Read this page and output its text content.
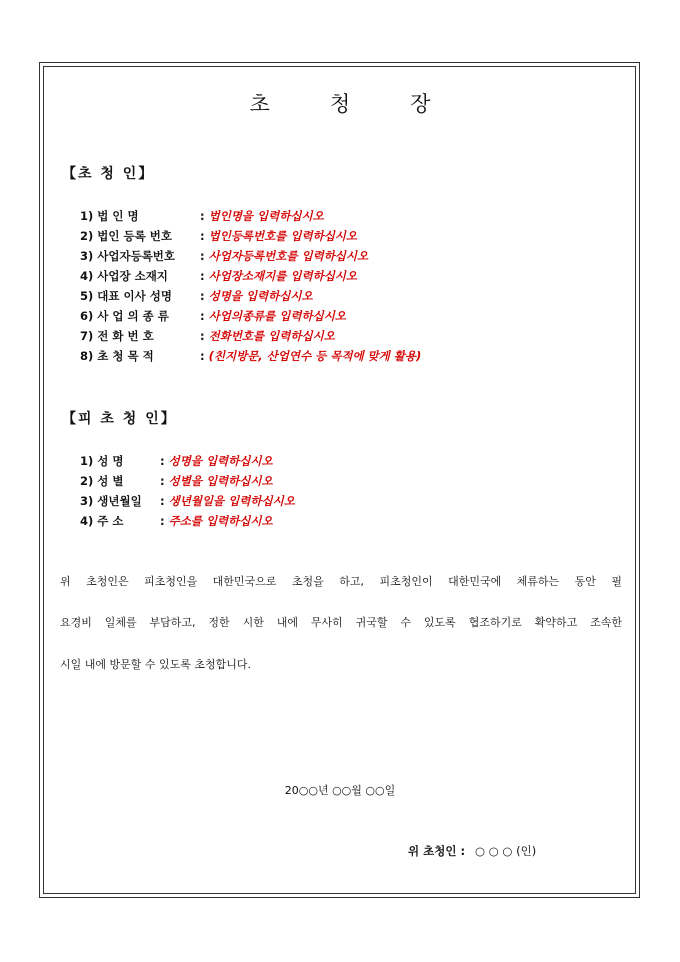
초	청	장
【초 청 인】
1) 법 인 명	: 법인명을 입력하십시오
2) 법인 등록 번호	: 법인등록번호를 입력하십시오
3) 사업자등록번호	: 사업자등록번호를 입력하십시오
4) 사업장 소재지	: 사업장소재지를 입력하십시오
5) 대표 이사 성명	: 성명을 입력하십시오
6) 사 업 의 종 류	: 사업의종류를 입력하십시오
7) 전 화 번 호	: 전화번호를 입력하십시오
8) 초 청 목 적	: (친지방문, 산업연수 등 목적에 맞게 활용)
【피 초 청 인】
1) 성 명	: 성명을 입력하십시오
2) 성 별	: 성별을 입력하십시오
3) 생년월일	: 생년월일을 입력하십시오
4) 주 소	: 주소를 입력하십시오
위 초청인은 피초청인을 대한민국으로 초청을 하고, 피초청인이 대한민국에 체류하는 동안 필
요경비 일체를 부담하고, 정한 시한 내에 무사히 귀국할 수 있도록 협조하기로 확약하고 조속한
시일 내에 방문할 수 있도록 초청합니다.
20○○년 ○○월 ○○일
위 초청인 : ○ ○ ○ (인)
